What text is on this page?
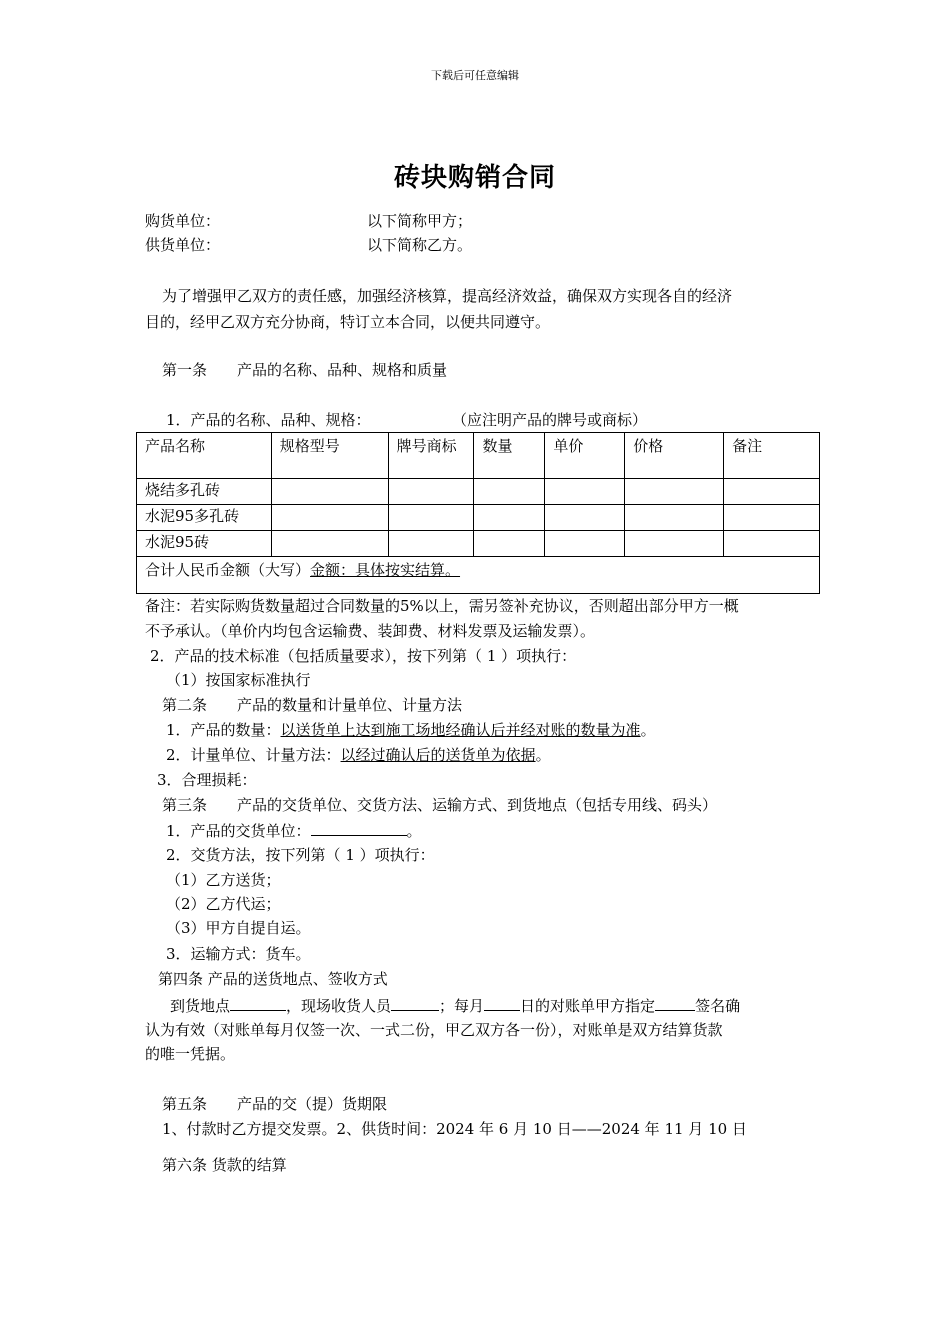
下载后可任意编辑
砖块购销合同
购货单位：	以下简称甲方；
供货单位：	以下简称乙方。
为了增强甲乙双方的责任感，加强经济核算，提高经济效益，确保双方实现各自的经济
目的，经甲乙双方充分协商，特订立本合同，以便共同遵守。
第一条　　产品的名称、品种、规格和质量
1．产品的名称、品种、规格：	（应注明产品的牌号或商标）
产品名称	规格型号	牌号商标	数量	单价	价格	备注
烧结多孔砖						
水泥95多孔砖						
水泥95砖						
合计人民币金额（大写）金额：具体按实结算。						
备注：若实际购货数量超过合同数量的5%以上，需另签补充协议，否则超出部分甲方一概
不予承认。（单价内均包含运输费、装卸费、材料发票及运输发票）。
2．产品的技术标准（包括质量要求），按下列第（ 1 ）项执行：
（1）按国家标准执行
第二条　　产品的数量和计量单位、计量方法
1．产品的数量：以送货单上达到施工场地经确认后并经对账的数量为准。
2．计量单位、计量方法：以经过确认后的送货单为依据。
3．合理损耗：
第三条　　产品的交货单位、交货方法、运输方式、到货地点（包括专用线、码头）
1．产品的交货单位：	。
2．交货方法，按下列第（ 1 ）项执行：
（1）乙方送货；
（2）乙方代运；
（3）甲方自提自运。
3．运输方式：货车。
第四条 产品的送货地点、签收方式
到货地点	，现场收货人员	；每月 日的对账单甲方指定	签名确
认为有效（对账单每月仅签一次、一式二份，甲乙双方各一份），对账单是双方结算货款
的唯一凭据。
第五条　　产品的交（提）货期限
1、付款时乙方提交发票。2、供货时间：2024 年 6 月 10 日——2024 年 11 月 10 日
第六条 货款的结算
